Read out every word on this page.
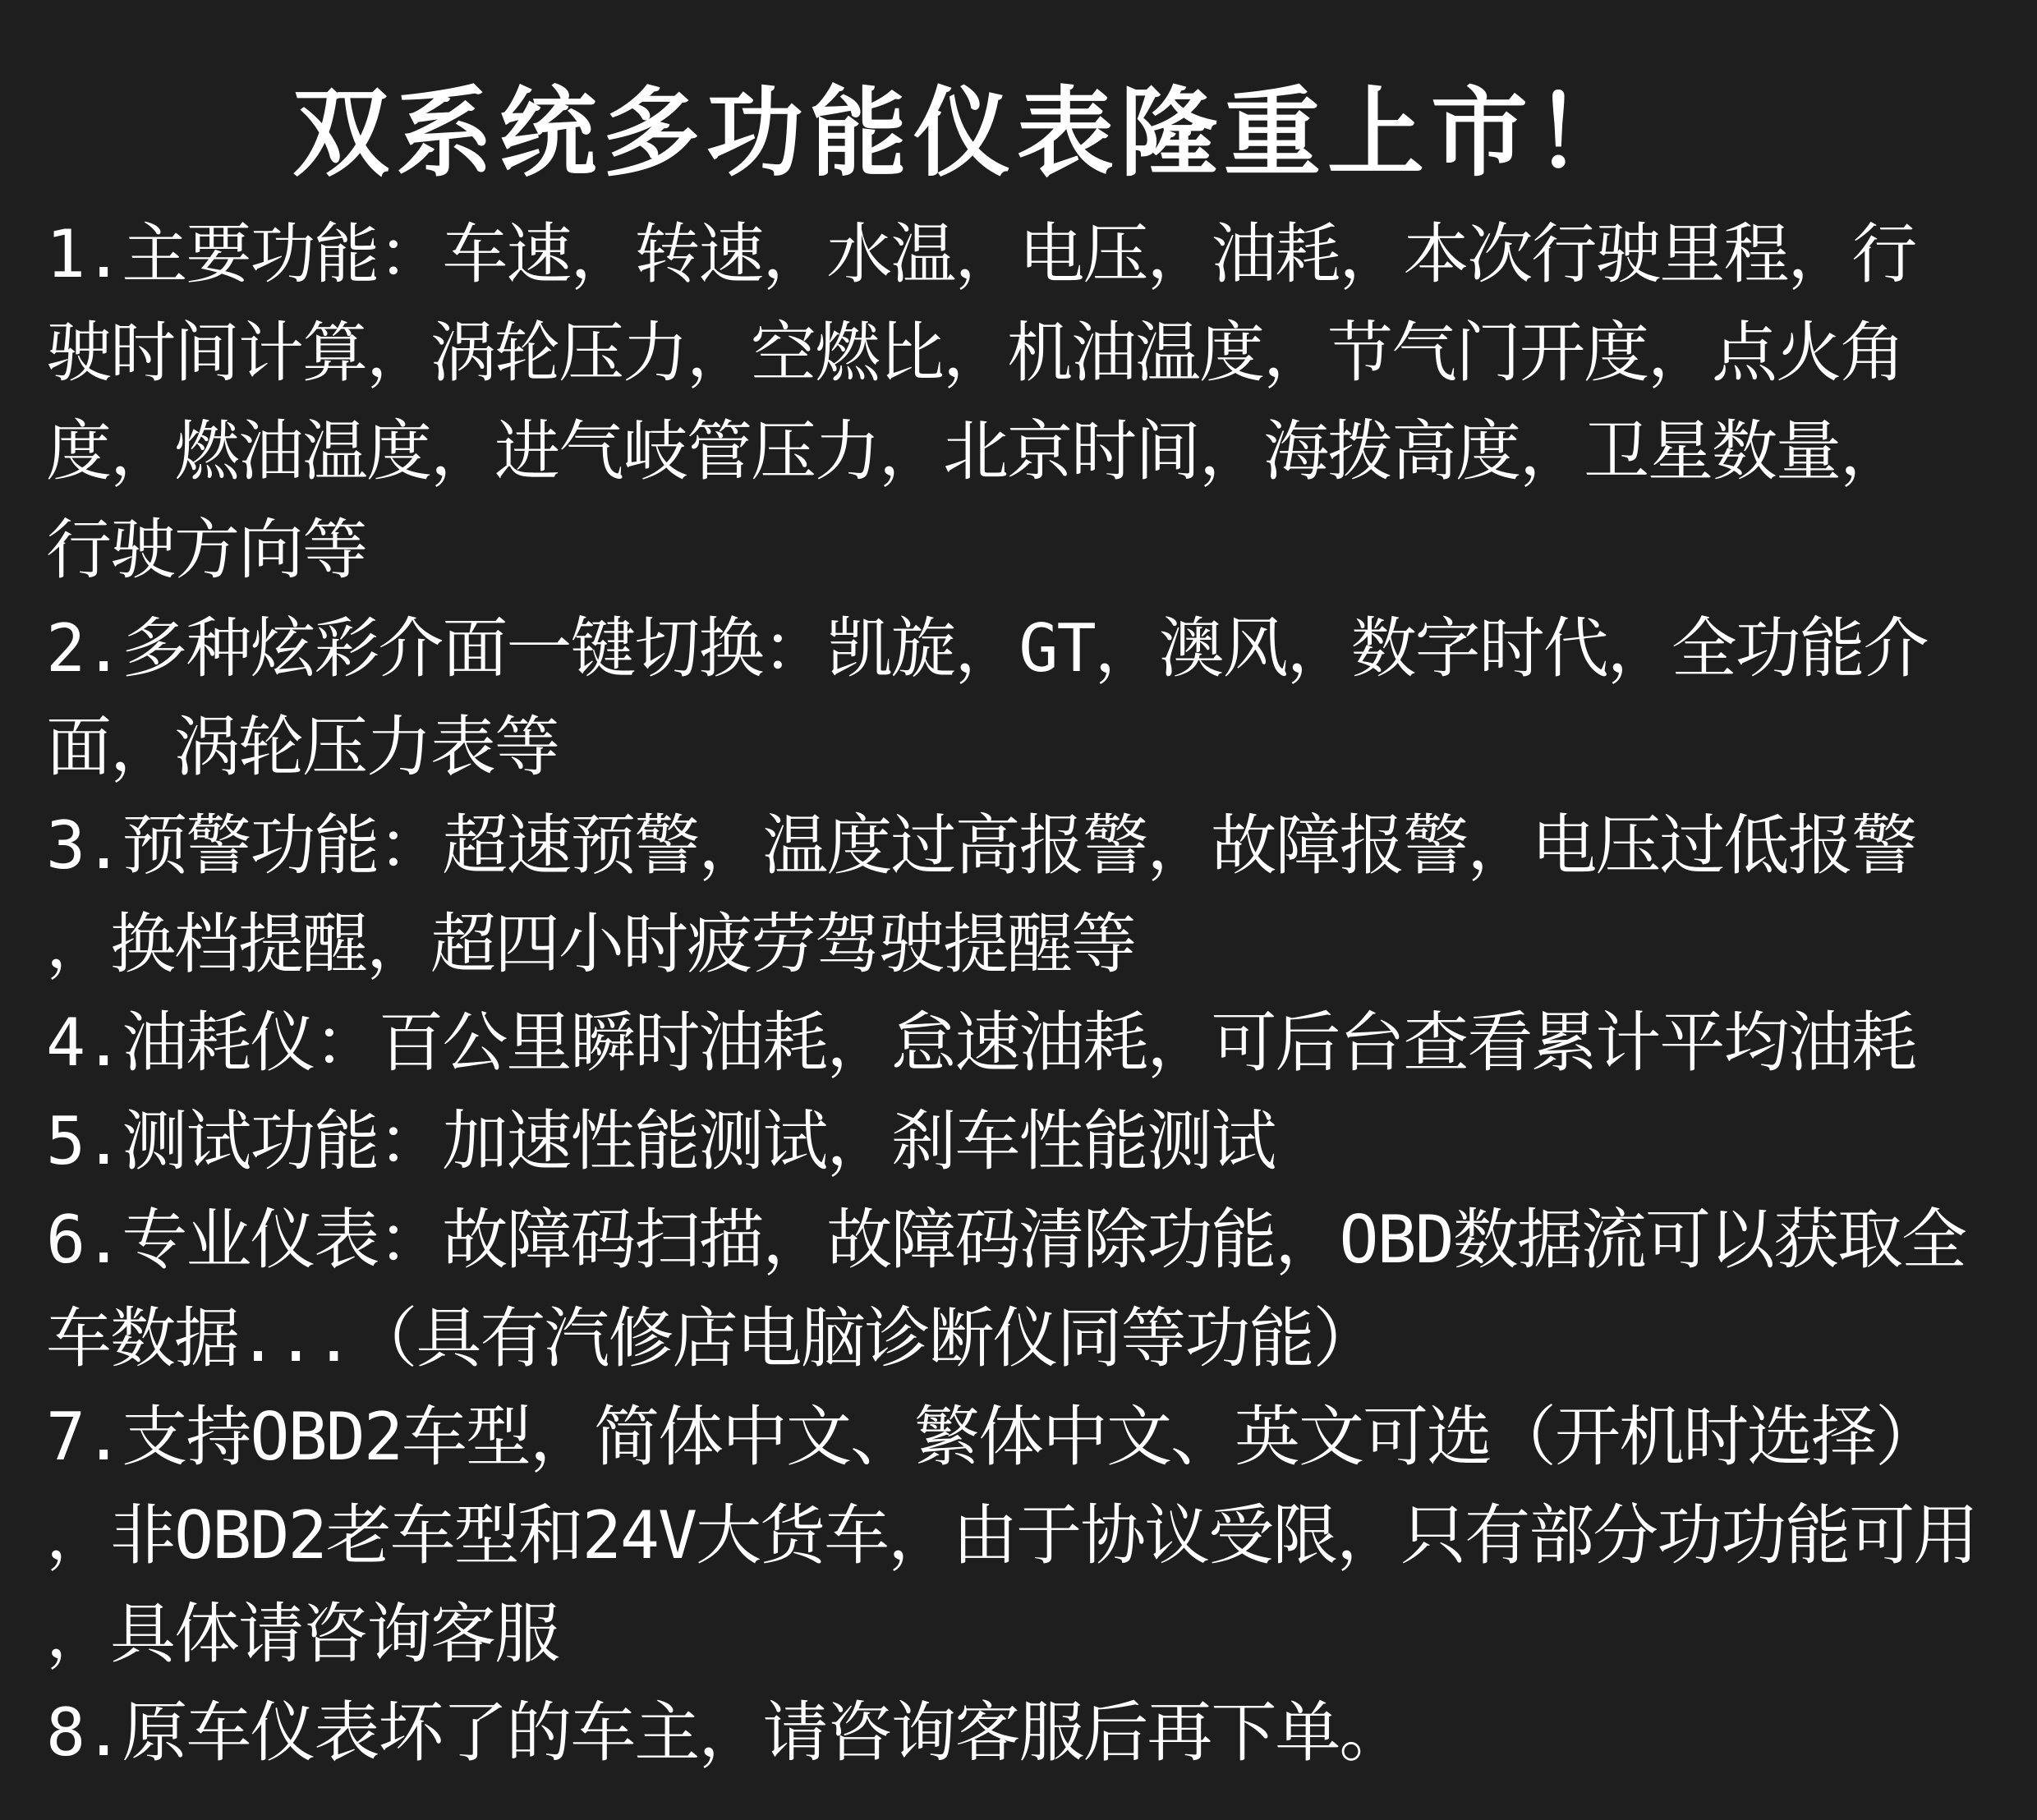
双系统多功能仪表隆重上市！
1.主要功能：车速，转速，水温，电压，油耗，本次行驶里程，行
驶时间计算，涡轮压力，空燃比，机油温度，节气门开度，点火角
度，燃油温度，进气岐管压力，北京时间，海拨高度，卫星数量，
行驶方向等
2.多种炫彩介面一键切换：凯旋，GT，澳风，数字时代，全功能介
面，涡轮压力表等
3.预警功能：超速预警，温度过高报警，故障报警，电压过低报警
，换档提醒，超四小时疲劳驾驶提醒等
4.油耗仪：百公里瞬时油耗，怠速油耗，可后台查看累计平均油耗
5.测试功能：加速性能测试，刹车性能测试
6.专业仪表：故障码扫描，故障码清除功能，OBD数据流可以获取全
车数据...（具有汽修店电脑诊断仪同等功能）
7.支持OBD2车型，简体中文、繁体中文、英文可选（开机时选择）
，非OBD2老车型和24V大货车，由于协议受限，只有部分功功能可用
，具体请咨询客服
8.原车仪表坏了的车主，请咨询客服后再下单。
